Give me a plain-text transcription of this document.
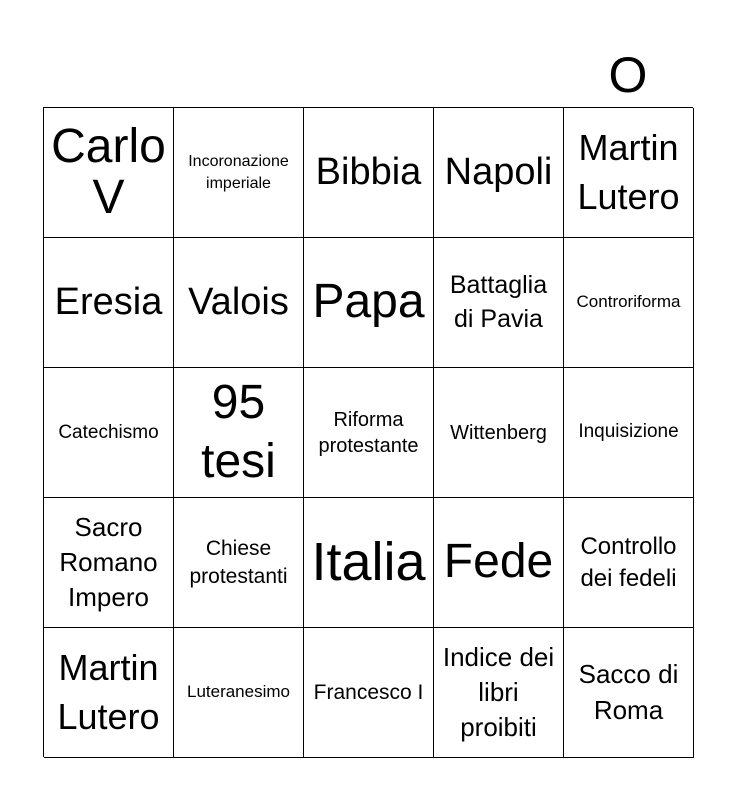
O
Carlo V
Incoronazione imperiale	Bibbia Napoli
Martin Lutero
Eresia Valois Papa	Battaglia di Pavia
Controriforma
Catechismo
95 tesi
Riforma protestante
Wittenberg Inquisizione
Sacro Romano Impero
Chiese protestanti Italia Fede	Controllo dei fedeli
Martin Lutero
Luteranesimo Francesco I
Indice dei libri proibiti
Sacco di Roma
